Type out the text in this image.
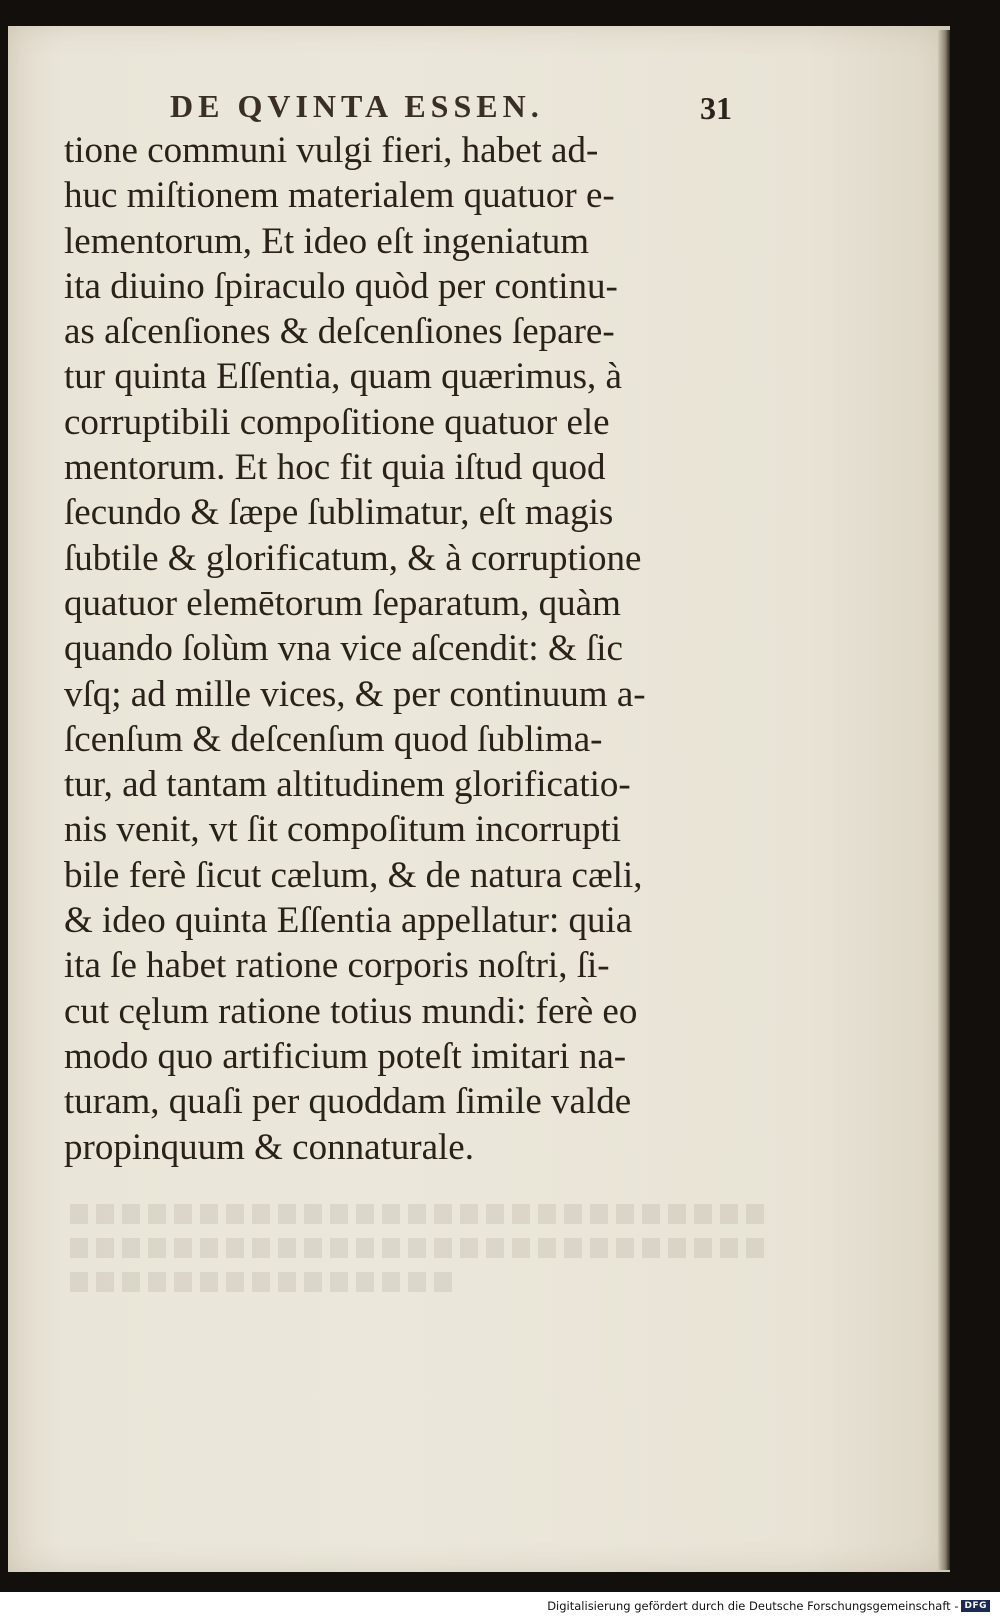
DE QVINTA ESSEN.	31
tione communi vulgi fieri, habet ad-
huc miſtionem materialem quatuor e-
lementorum, Et ideo eſt ingeniatum
ita diuino ſpiraculo quòd per continu-
as aſcenſiones & deſcenſiones ſepare-
tur quinta Eſſentia, quam quærimus, à
corruptibili compoſitione quatuor ele
mentorum. Et hoc fit quia iſtud quod
ſecundo & ſæpe ſublimatur, eſt magis
ſubtile & glorificatum, & à corruptione
quatuor elemētorum ſeparatum, quàm
quando ſolùm vna vice aſcendit: & ſic
vſq; ad mille vices, & per continuum a-
ſcenſum & deſcenſum quod ſublima-
tur, ad tantam altitudinem glorificatio-
nis venit, vt ſit compoſitum incorrupti
bile ferè ſicut cælum, & de natura cæli,
& ideo quinta Eſſentia appellatur: quia
ita ſe habet ratione corporis noſtri, ſi-
cut cęlum ratione totius mundi: ferè eo
modo quo artificium poteſt imitari na-
turam, quaſi per quoddam ſimile valde
propinquum & connaturale.
Digitalisierung gefördert durch die Deutsche Forschungsgemeinschaft - DFG
